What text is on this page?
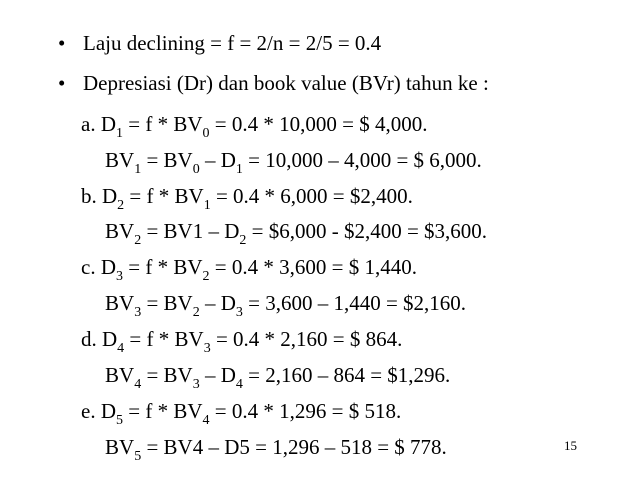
• Laju declining = f = 2/n = 2/5 = 0.4
• Depresiasi (Dr) dan book value (BVr) tahun ke :
a. $D_1 = f * BV_0 = 0.4 * 10,000$ = $ 4,000.
$BV_1 = BV_0 - D_1 = 10,000 - 4,000$ = $ 6,000.
b. $D_2 = f * BV_1 = 0.4 * 6,000$ = $2,400.
$BV_2 = BV1 - D_2$ = $6,000 - $2,400 = $3,600.
c. $D_3 = f * BV_2 = 0.4 * 3,600$ = $ 1,440.
$BV_3 = BV_2 - D_3 = 3,600 - 1,440$ = $2,160.
d. $D_4 = f * BV_3 = 0.4 * 2,160$ = $ 864.
$BV_4 = BV_3 - D_4 = 2,160 - 864$ = $1,296.
e. $D_5 = f * BV_4 = 0.4 * 1,296$ = $ 518.
$BV_5 = BV4 - D5 = 1,296 - 518$ = $ 778.	15
